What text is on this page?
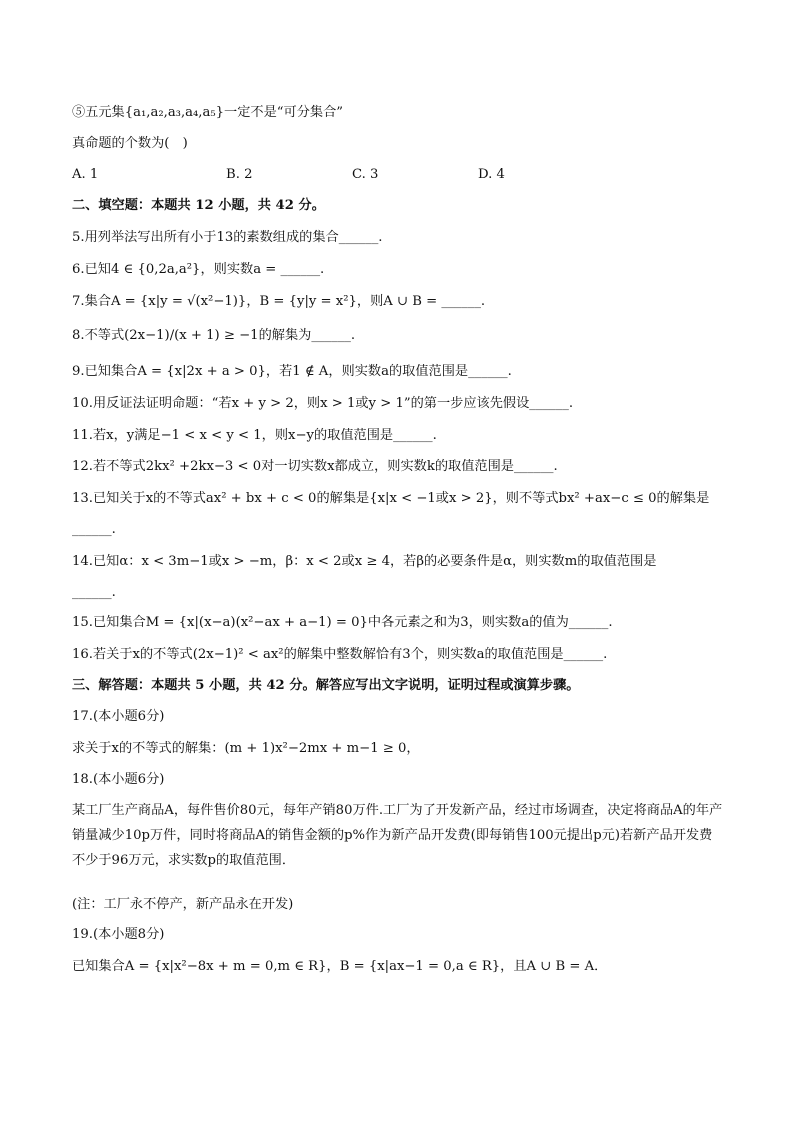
⑤五元集{a₁,a₂,a₃,a₄,a₅}一定不是“可分集合”
真命题的个数为(　)
A. 1	B. 2	C. 3	D. 4
二、填空题：本题共 12 小题，共 42 分。
5.用列举法写出所有小于13的素数组成的集合______.
6.已知4 ∈ {0,2a,a²}，则实数a = ______.
7.集合A = {x|y = √(x²−1)}，B = {y|y = x²}，则A ∪ B = ______.
8.不等式(2x−1)/(x + 1) ≥ −1的解集为______.
9.已知集合A = {x|2x + a > 0}，若1 ∉ A，则实数a的取值范围是______.
10.用反证法证明命题：“若x + y > 2，则x > 1或y > 1”的第一步应该先假设______.
11.若x，y满足−1 < x < y < 1，则x−y的取值范围是______.
12.若不等式2kx² +2kx−3 < 0对一切实数x都成立，则实数k的取值范围是______.
13.已知关于x的不等式ax² + bx + c < 0的解集是{x|x < −1或x > 2}，则不等式bx² +ax−c ≤ 0的解集是
______.
14.已知α：x < 3m−1或x > −m，β：x < 2或x ≥ 4，若β的必要条件是α，则实数m的取值范围是
______.
15.已知集合M = {x|(x−a)(x²−ax + a−1) = 0}中各元素之和为3，则实数a的值为______.
16.若关于x的不等式(2x−1)² < ax²的解集中整数解恰有3个，则实数a的取值范围是______.
三、解答题：本题共 5 小题，共 42 分。解答应写出文字说明，证明过程或演算步骤。
17.(本小题6分)
求关于x的不等式的解集：(m + 1)x²−2mx + m−1 ≥ 0，
18.(本小题6分)
某工厂生产商品A，每件售价80元，每年产销80万件.工厂为了开发新产品，经过市场调查，决定将商品A的年产销量减少10p万件，同时将商品A的销售金额的p%作为新产品开发费(即每销售100元提出p元)若新产品开发费不少于96万元，求实数p的取值范围．
(注：工厂永不停产，新产品永在开发)
19.(本小题8分)
已知集合A = {x|x²−8x + m = 0,m ∈ R}，B = {x|ax−1 = 0,a ∈ R}，且A ∪ B = A．
